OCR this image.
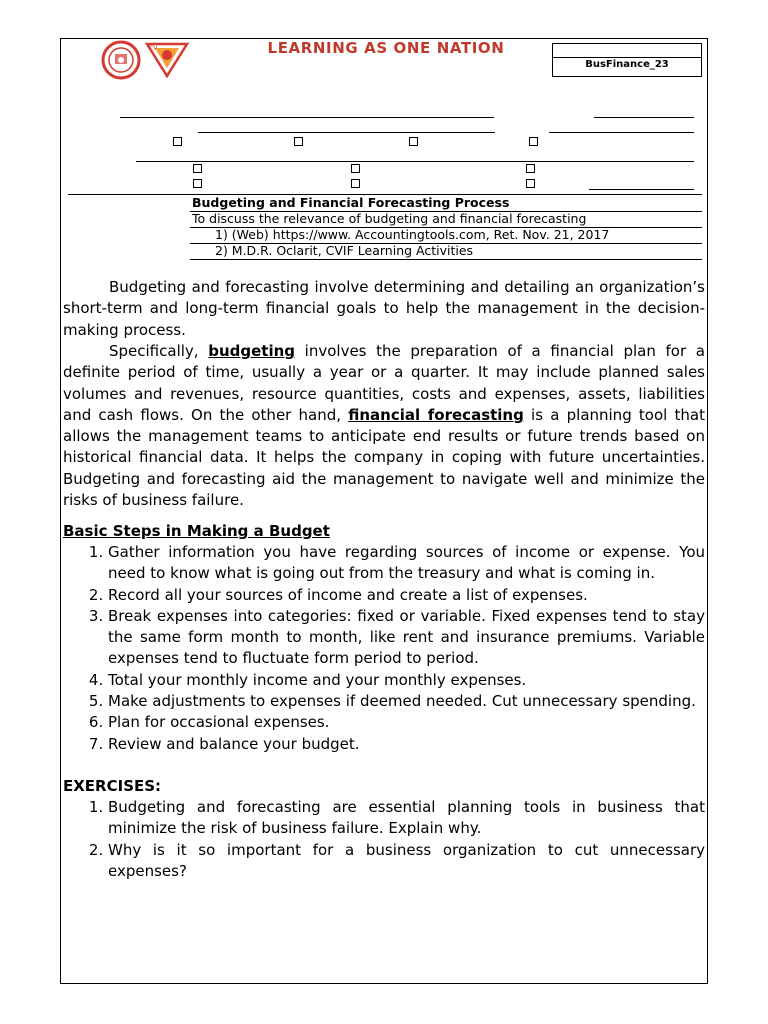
CV	LEARNING AS ONE NATION
BusFinance_23
Budgeting and Financial Forecasting Process
To discuss the relevance of budgeting and financial forecasting
1) (Web) https://www. Accountingtools.com, Ret. Nov. 21, 2017
2) M.D.R. Oclarit, CVIF Learning Activities
Budgeting and forecasting involve determining and detailing an organization’s short-term and long-term financial goals to help the management in the decision-making process.
Specifically, budgeting involves the preparation of a financial plan for a definite period of time, usually a year or a quarter. It may include planned sales volumes and revenues, resource quantities, costs and expenses, assets, liabilities and cash flows. On the other hand, financial forecasting is a planning tool that allows the management teams to anticipate end results or future trends based on historical financial data. It helps the company in coping with future uncertainties. Budgeting and forecasting aid the management to navigate well and minimize the risks of business failure.
Basic Steps in Making a Budget
1. Gather information you have regarding sources of income or expense. You need to know what is going out from the treasury and what is coming in.
2. Record all your sources of income and create a list of expenses.
3. Break expenses into categories: fixed or variable. Fixed expenses tend to stay the same form month to month, like rent and insurance premiums. Variable expenses tend to fluctuate form period to period.
4. Total your monthly income and your monthly expenses.
5. Make adjustments to expenses if deemed needed. Cut unnecessary spending.
6. Plan for occasional expenses.
7. Review and balance your budget.
EXERCISES:
1. Budgeting and forecasting are essential planning tools in business that minimize the risk of business failure. Explain why.
2. Why is it so important for a business organization to cut unnecessary expenses?
